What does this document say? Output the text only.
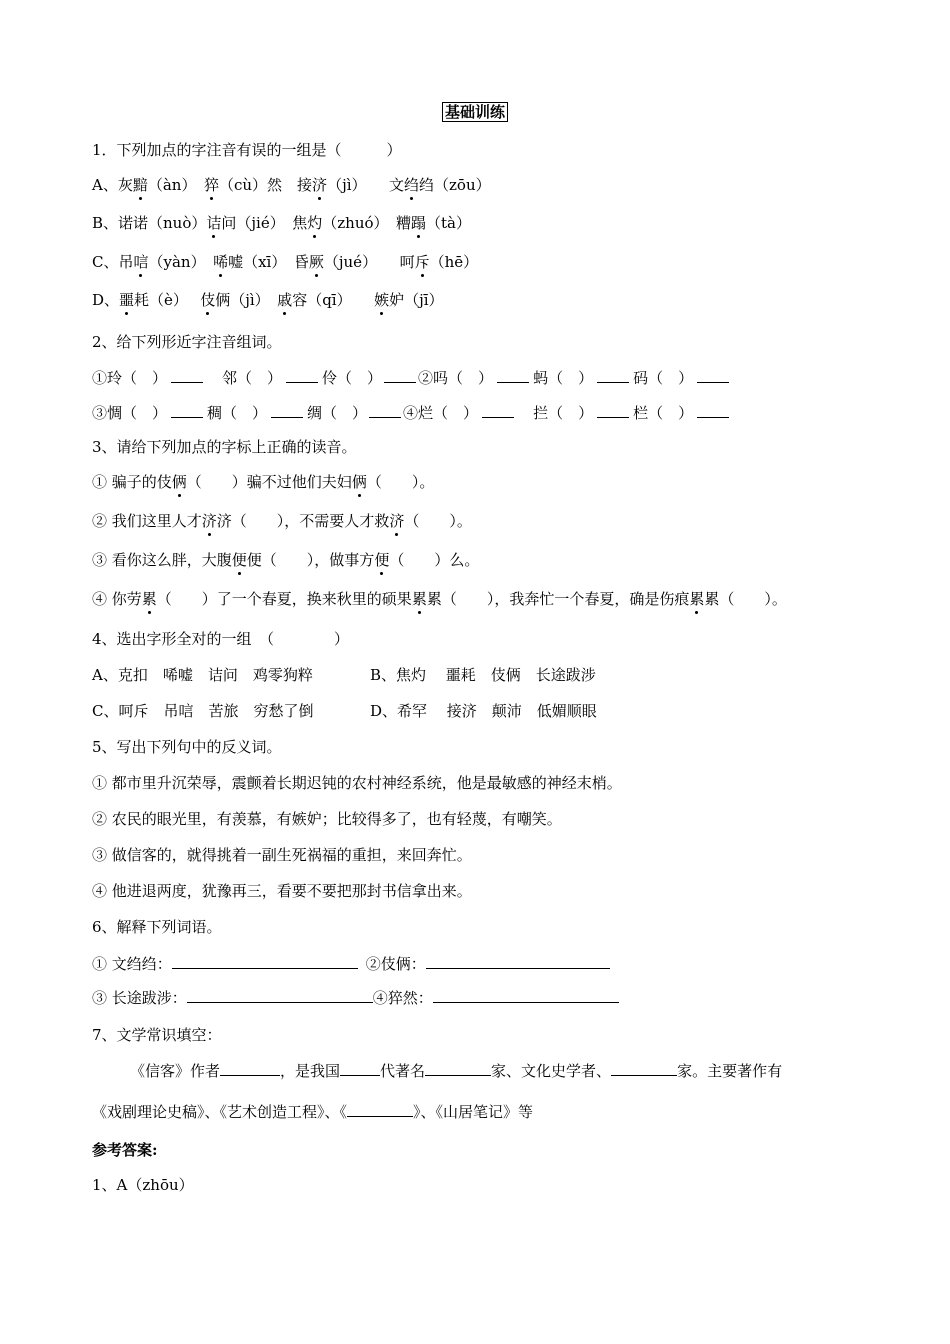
基础训练
1．下列加点的字注音有误的一组是（　　　）
A、灰黯（àn）　猝（cù）然　接济（jì）　　文绉绉（zōu）
B、诺诺（nuò）诘问（jié）　焦灼（zhuó）　糟蹋（tà）
C、吊唁（yàn）　唏嘘（xī）　昏厥（jué）　　呵斥（hē）
D、噩耗（è）　 伎俩（jì）　戚容（qī）　　嫉妒（jī）
2、给下列形近字注音组词。
①玲（　）	　邻（　）	伶（　） ②吗（　）	蚂（　）	码（　）
③惆（　）	稠（　）	绸（　） ④烂（　）	　拦（　）	栏（　）
3、请给下列加点的字标上正确的读音。
① 骗子的伎俩（　　）骗不过他们夫妇俩（　　）。
② 我们这里人才济济（　　），不需要人才救济（　　）。
③ 看你这么胖，大腹便便（　　），做事方便（　　）么。
④ 你劳累（　　）了一个春夏，换来秋里的硕果累累（　　），我奔忙一个春夏，确是伤痕累累（　　）。
4、选出字形全对的一组　（　　　　）
A、克扣　唏嘘　诘问　鸡零狗粹	B、焦灼　 噩耗　伎俩　长途跋涉
C、呵斥　吊唁　苦旅　穷愁了倒	D、希罕　 接济　颠沛　低媚顺眼
5、写出下列句中的反义词。
① 都市里升沉荣辱，震颤着长期迟钝的农村神经系统，他是最敏感的神经末梢。
② 农民的眼光里，有羡慕，有嫉妒；比较得多了，也有轻蔑，有嘲笑。
③ 做信客的，就得挑着一副生死祸福的重担，来回奔忙。
④ 他进退两度，犹豫再三，看要不要把那封书信拿出来。
6、解释下列词语。
① 文绉绉：	②伎俩：
③ 长途跋涉：	④猝然：
7、文学常识填空：
《信客》作者	，是我国	代著名	家、文化史学者、	家。主要著作有
《戏剧理论史稿》、《艺术创造工程》、《	》、《山居笔记》等
参考答案:
1、A（zhōu）
